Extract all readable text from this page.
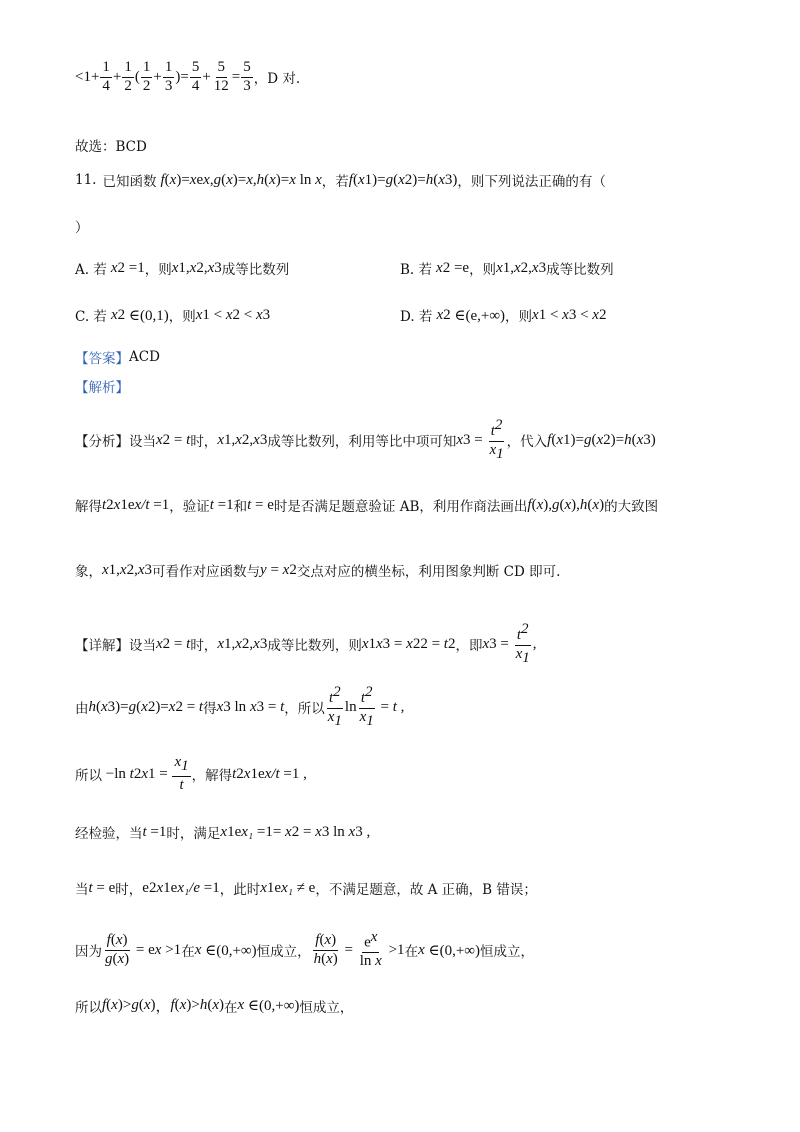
$<1+ \frac{1}{4} + \frac{1}{2}$ ( $\frac{1}{2} + \frac{1}{3}$ )= $\frac{5}{4} + \frac{5}{12} = \frac{5}{3}$ ，D 对.
故选：BCD
11. 已知函数 f ( x )= x e x , g ( x )= x , h ( x )= x ln x ，若 f ( x 1 )= g ( x 2 )= h ( x 3 ) ，则下列说法正确的有（
）
A. 若 x 2 =1 ，则 x 1 , x 2 , x 3 成等比数列	B. 若 x 2 =e ，则 x 1 , x 2 , x 3 成等比数列
C. 若 x 2 ∈(0,1) ，则 x 1 < x 2 < x 3	D. 若 x 2 ∈(e,+∞) ，则 x 1 < x 3 < x 2
【答案】 ACD
【解析】
【分析】 设当 x 2 = t 时， x 1 , x 2 , x 3 成等比数列，利用等比中项可知 x $3 = \frac{t^2}{x_1}$ ，代入 f ( x 1 )= g ( x 2 )= h ( x 3 )
解得 t 2 x 1 e x/t =1 ，验证 t =1 和 t = e 时是否满足题意验证 AB，利用作商法画出 f ( x ), g ( x ), h ( x ) 的大致图
象， x 1 , x 2 , x 3 可看作对应函数与 y = x 2 交点对应的横坐标，利用图象判断 CD 即可.
【详解】 设当 x 2 = t 时， x 1 , x 2 , x 3 成等比数列，则 x 1 x 3 = x 2 2 = t 2 ，即 x $3 = \frac{t^2}{x_1}$ ,
由 h ( x 3 )= g ( x 2 )= x 2 = t 得 x 3 ln x 3 = t ，所以 $\frac{t^2}{x_1}$ $\ln \frac{t^2}{x_1} = t$ ,
所以 −ln t 2 x $1 = \frac{x_1}{t}$ ，解得 t 2 x 1 e x/t =1 ,
经检验，当 t =1 时，满足 x 1 e x₁ =1= x 2 = x 3 ln x 3 ,
当 t = e 时， e 2 x 1 e x₁/e =1 ，此时 x 1 e x₁ ≠ e ，不满足题意，故 A 正确，B 错误；
因为 $\frac{f(x)}{g(x)} = e$ x >1 在 x ∈(0,+∞) 恒成立， $\frac{f(x)}{h(x)} = \frac{e^x}{\text{ln x}} >1$ 在 x ∈(0,+∞) 恒成立，
所以 f ( x )> g ( x ) ， f ( x )> h ( x ) 在 x ∈(0,+∞) 恒成立，
